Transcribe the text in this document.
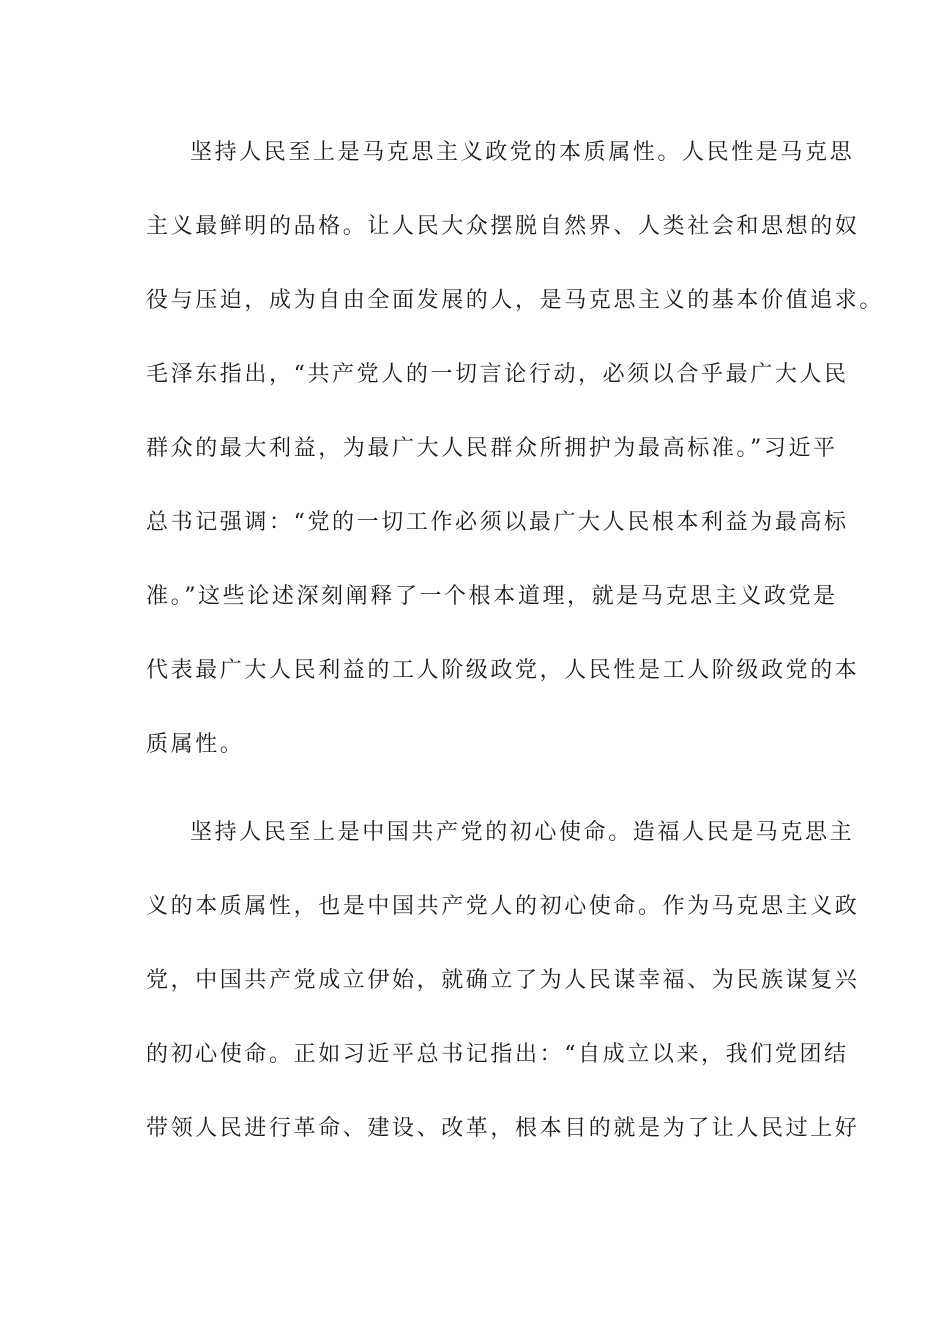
坚持人民至上是马克思主义政党的本质属性。人民性是马克思
主义最鲜明的品格。让人民大众摆脱自然界、人类社会和思想的奴
役与压迫，成为自由全面发展的人，是马克思主义的基本价值追求。
毛泽东指出，“共产党人的一切言论行动，必须以合乎最广大人民
群众的最大利益，为最广大人民群众所拥护为最高标准。”习近平
总书记强调：“党的一切工作必须以最广大人民根本利益为最高标
准。”这些论述深刻阐释了一个根本道理，就是马克思主义政党是
代表最广大人民利益的工人阶级政党，人民性是工人阶级政党的本
质属性。
坚持人民至上是中国共产党的初心使命。造福人民是马克思主
义的本质属性，也是中国共产党人的初心使命。作为马克思主义政
党，中国共产党成立伊始，就确立了为人民谋幸福、为民族谋复兴
的初心使命。正如习近平总书记指出：“自成立以来，我们党团结
带领人民进行革命、建设、改革，根本目的就是为了让人民过上好
